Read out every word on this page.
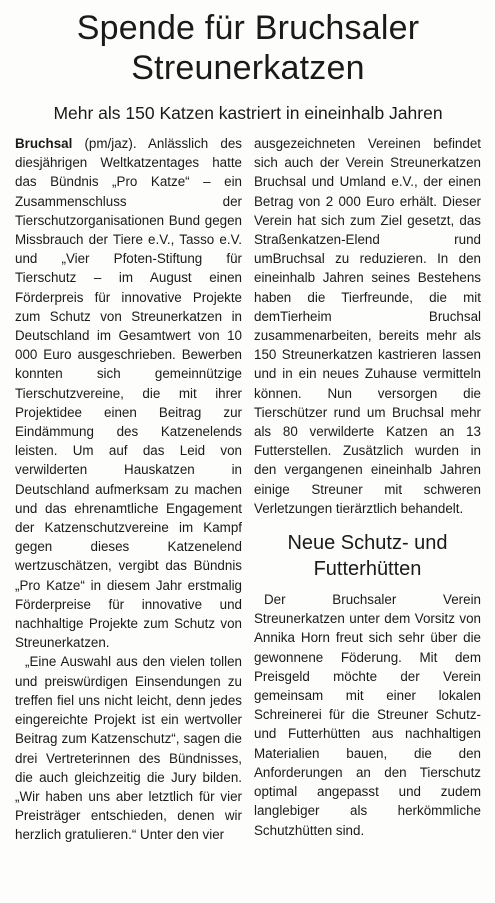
Spende für Bruchsaler
Streunerkatzen
Mehr als 150 Katzen kastriert in eineinhalb Jahren

Bruchsal (pm/jaz). Anlässlich des diesjährigen Weltkatzentages hatte das Bündnis „Pro Katze“ – ein Zusammenschluss der Tierschutzorganisationen Bund gegen Missbrauch der Tiere e.V., Tasso e.V. und „Vier Pfoten-Stiftung für Tierschutz – im August einen Förderpreis für innovative Projekte zum Schutz von Streunerkatzen in Deutschland im Gesamtwert von 10 000 Euro ausgeschrieben. Bewerben konnten sich gemeinnützige Tierschutzvereine, die mit ihrer Projektidee einen Beitrag zur Eindämmung des Katzenelends leisten. Um auf das Leid von verwilderten Hauskatzen in Deutschland aufmerksam zu machen und das ehrenamtliche Engagement der Katzenschutzvereine im Kampf gegen dieses Katzenelend wertzuschätzen, vergibt das Bündnis „Pro Katze“ in diesem Jahr erstmalig Förderpreise für innovative und nachhaltige Projekte zum Schutz von Streunerkatzen.

„Eine Auswahl aus den vielen tollen und preiswürdigen Einsendungen zu treffen fiel uns nicht leicht, denn jedes eingereichte Projekt ist ein wertvoller Beitrag zum Katzenschutz“, sagen die drei Vertreterinnen des Bündnisses, die auch gleichzeitig die Jury bilden. „Wir haben uns aber letztlich für vier Preisträger entschieden, denen wir herzlich gratulieren.“ Unter den vier

ausgezeichneten Vereinen befindet sich auch der Verein Streunerkatzen Bruchsal und Umland e.V., der einen Betrag von 2 000 Euro erhält. Dieser Verein hat sich zum Ziel gesetzt, das Straßenkatzen-Elend rund umBruchsal zu reduzieren. In den eineinhalb Jahren seines Bestehens haben die Tierfreunde, die mit demTierheim Bruchsal zusammenarbeiten, bereits mehr als 150 Streunerkatzen kastrieren lassen und in ein neues Zuhause vermitteln können. Nun versorgen die Tierschützer rund um Bruchsal mehr als 80 verwilderte Katzen an 13 Futterstellen. Zusätzlich wurden in den vergangenen eineinhalb Jahren einige Streuner mit schweren Verletzungen tierärztlich behandelt.

Neue Schutz- und
Futterhütten

Der Bruchsaler Verein Streunerkatzen unter dem Vorsitz von Annika Horn freut sich sehr über die gewonnene Föderung. Mit dem Preisgeld möchte der Verein gemeinsam mit einer lokalen Schreinerei für die Streuner Schutz- und Futterhütten aus nachhaltigen Materialien bauen, die den Anforderungen an den Tierschutz optimal angepasst und zudem langlebiger als herkömmliche Schutzhütten sind.
